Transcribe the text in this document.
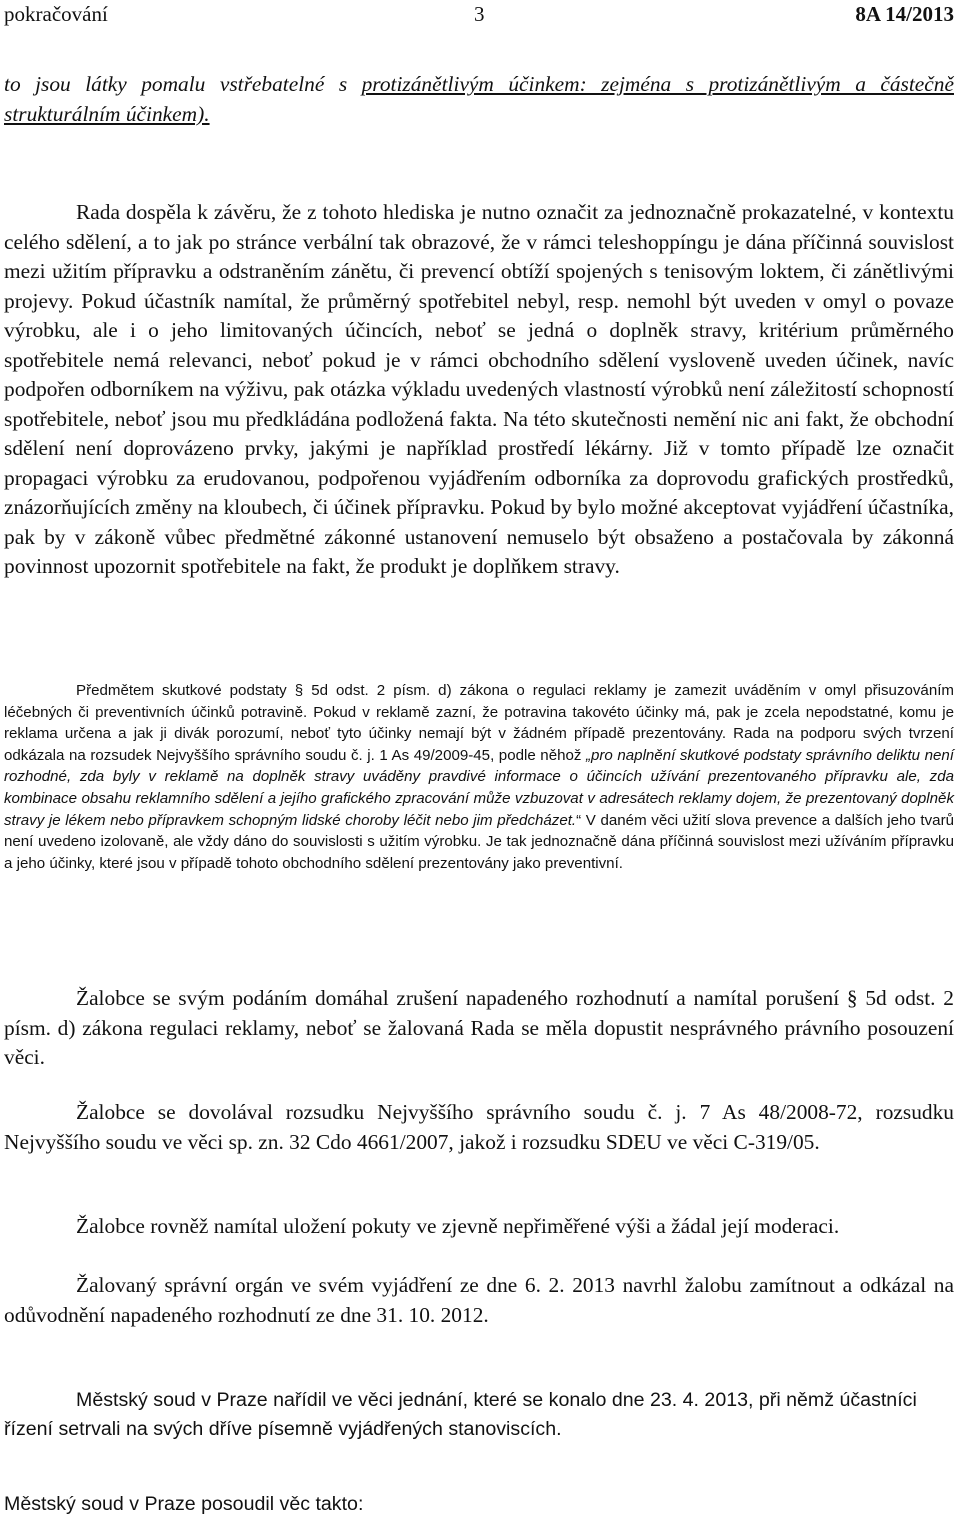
pokračování	3	8A 14/2013
to jsou látky pomalu vstřebatelné s protizánětlivým účinkem: zejména s protizánětlivým a částečně strukturálním účinkem).
Rada dospěla k závěru, že z tohoto hlediska je nutno označit za jednoznačně prokazatelné, v kontextu celého sdělení, a to jak po stránce verbální tak obrazové, že v rámci teleshoppíngu je dána příčinná souvislost mezi užitím přípravku a odstraněním zánětu, či prevencí obtíží spojených s tenisovým loktem, či zánětlivými projevy. Pokud účastník namítal, že průměrný spotřebitel nebyl, resp. nemohl být uveden v omyl o povaze výrobku, ale i o jeho limitovaných účincích, neboť se jedná o doplněk stravy, kritérium průměrného spotřebitele nemá relevanci, neboť pokud je v rámci obchodního sdělení vysloveně uveden účinek, navíc podpořen odborníkem na výživu, pak otázka výkladu uvedených vlastností výrobků není záležitostí schopností spotřebitele, neboť jsou mu předkládána podložená fakta. Na této skutečnosti nemění nic ani fakt, že obchodní sdělení není doprovázeno prvky, jakými je například prostředí lékárny. Již v tomto případě lze označit propagaci výrobku za erudovanou, podpořenou vyjádřením odborníka za doprovodu grafických prostředků, znázorňujících změny na kloubech, či účinek přípravku. Pokud by bylo možné akceptovat vyjádření účastníka, pak by v zákoně vůbec předmětné zákonné ustanovení nemuselo být obsaženo a postačovala by zákonná povinnost upozornit spotřebitele na fakt, že produkt je doplňkem stravy.
Předmětem skutkové podstaty § 5d odst. 2 písm. d) zákona o regulaci reklamy je zamezit uváděním v omyl přisuzováním léčebných či preventivních účinků potravině. Pokud v reklamě zazní, že potravina takovéto účinky má, pak je zcela nepodstatné, komu je reklama určena a jak ji divák porozumí, neboť tyto účinky nemají být v žádném případě prezentovány. Rada na podporu svých tvrzení odkázala na rozsudek Nejvyššího správního soudu č. j. 1 As 49/2009-45, podle něhož „pro naplnění skutkové podstaty správního deliktu není rozhodné, zda byly v reklamě na doplněk stravy uváděny pravdivé informace o účincích užívání prezentovaného přípravku ale, zda kombinace obsahu reklamního sdělení a jejího grafického zpracování může vzbuzovat v adresátech reklamy dojem, že prezentovaný doplněk stravy je lékem nebo přípravkem schopným lidské choroby léčit nebo jim předcházet.“ V daném věci užití slova prevence a dalších jeho tvarů není uvedeno izolovaně, ale vždy dáno do souvislosti s užitím výrobku. Je tak jednoznačně dána příčinná souvislost mezi užíváním přípravku a jeho účinky, které jsou v případě tohoto obchodního sdělení prezentovány jako preventivní.
Žalobce se svým podáním domáhal zrušení napadeného rozhodnutí a namítal porušení § 5d odst. 2 písm. d) zákona regulaci reklamy, neboť se žalovaná Rada se měla dopustit nesprávného právního posouzení věci.
Žalobce se dovolával rozsudku Nejvyššího správního soudu č. j. 7 As 48/2008-72, rozsudku Nejvyššího soudu ve věci sp. zn. 32 Cdo 4661/2007, jakož i rozsudku SDEU ve věci C-319/05.
Žalobce rovněž namítal uložení pokuty ve zjevně nepřiměřené výši a žádal její moderaci.
Žalovaný správní orgán ve svém vyjádření ze dne 6. 2. 2013 navrhl žalobu zamítnout a odkázal na odůvodnění napadeného rozhodnutí ze dne 31. 10. 2012.
Městský soud v Praze nařídil ve věci jednání, které se konalo dne 23. 4. 2013, při němž účastníci řízení setrvali na svých dříve písemně vyjádřených stanoviscích.
Městský soud v Praze posoudil věc takto:
